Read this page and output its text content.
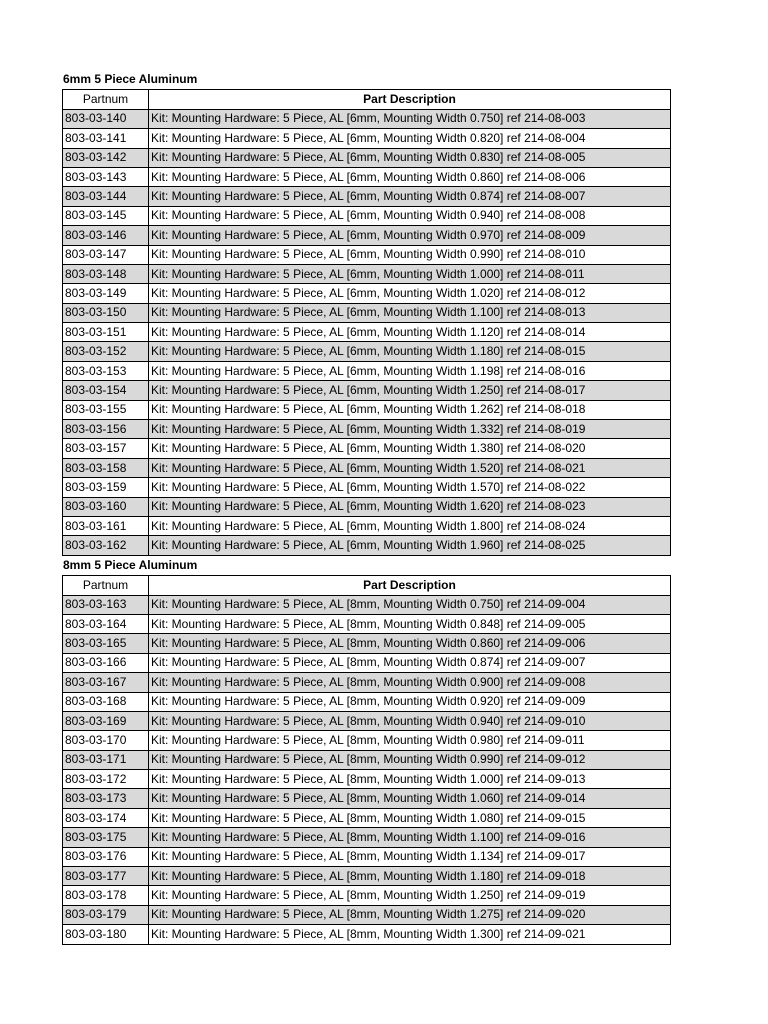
6mm 5 Piece Aluminum
Partnum	Part Description
803-03-140	Kit: Mounting Hardware: 5 Piece, AL [6mm, Mounting Width 0.750] ref 214-08-003
803-03-141	Kit: Mounting Hardware: 5 Piece, AL [6mm, Mounting Width 0.820] ref 214-08-004
803-03-142	Kit: Mounting Hardware: 5 Piece, AL [6mm, Mounting Width 0.830] ref 214-08-005
803-03-143	Kit: Mounting Hardware: 5 Piece, AL [6mm, Mounting Width 0.860] ref 214-08-006
803-03-144	Kit: Mounting Hardware: 5 Piece, AL [6mm, Mounting Width 0.874] ref 214-08-007
803-03-145	Kit: Mounting Hardware: 5 Piece, AL [6mm, Mounting Width 0.940] ref 214-08-008
803-03-146	Kit: Mounting Hardware: 5 Piece, AL [6mm, Mounting Width 0.970] ref 214-08-009
803-03-147	Kit: Mounting Hardware: 5 Piece, AL [6mm, Mounting Width 0.990] ref 214-08-010
803-03-148	Kit: Mounting Hardware: 5 Piece, AL [6mm, Mounting Width 1.000] ref 214-08-011
803-03-149	Kit: Mounting Hardware: 5 Piece, AL [6mm, Mounting Width 1.020] ref 214-08-012
803-03-150	Kit: Mounting Hardware: 5 Piece, AL [6mm, Mounting Width 1.100] ref 214-08-013
803-03-151	Kit: Mounting Hardware: 5 Piece, AL [6mm, Mounting Width 1.120] ref 214-08-014
803-03-152	Kit: Mounting Hardware: 5 Piece, AL [6mm, Mounting Width 1.180] ref 214-08-015
803-03-153	Kit: Mounting Hardware: 5 Piece, AL [6mm, Mounting Width 1.198] ref 214-08-016
803-03-154	Kit: Mounting Hardware: 5 Piece, AL [6mm, Mounting Width 1.250] ref 214-08-017
803-03-155	Kit: Mounting Hardware: 5 Piece, AL [6mm, Mounting Width 1.262] ref 214-08-018
803-03-156	Kit: Mounting Hardware: 5 Piece, AL [6mm, Mounting Width 1.332] ref 214-08-019
803-03-157	Kit: Mounting Hardware: 5 Piece, AL [6mm, Mounting Width 1.380] ref 214-08-020
803-03-158	Kit: Mounting Hardware: 5 Piece, AL [6mm, Mounting Width 1.520] ref 214-08-021
803-03-159	Kit: Mounting Hardware: 5 Piece, AL [6mm, Mounting Width 1.570] ref 214-08-022
803-03-160	Kit: Mounting Hardware: 5 Piece, AL [6mm, Mounting Width 1.620] ref 214-08-023
803-03-161	Kit: Mounting Hardware: 5 Piece, AL [6mm, Mounting Width 1.800] ref 214-08-024
803-03-162	Kit: Mounting Hardware: 5 Piece, AL [6mm, Mounting Width 1.960] ref 214-08-025
8mm 5 Piece Aluminum
Partnum	Part Description
803-03-163	Kit: Mounting Hardware: 5 Piece, AL [8mm, Mounting Width 0.750] ref 214-09-004
803-03-164	Kit: Mounting Hardware: 5 Piece, AL [8mm, Mounting Width 0.848] ref 214-09-005
803-03-165	Kit: Mounting Hardware: 5 Piece, AL [8mm, Mounting Width 0.860] ref 214-09-006
803-03-166	Kit: Mounting Hardware: 5 Piece, AL [8mm, Mounting Width 0.874] ref 214-09-007
803-03-167	Kit: Mounting Hardware: 5 Piece, AL [8mm, Mounting Width 0.900] ref 214-09-008
803-03-168	Kit: Mounting Hardware: 5 Piece, AL [8mm, Mounting Width 0.920] ref 214-09-009
803-03-169	Kit: Mounting Hardware: 5 Piece, AL [8mm, Mounting Width 0.940] ref 214-09-010
803-03-170	Kit: Mounting Hardware: 5 Piece, AL [8mm, Mounting Width 0.980] ref 214-09-011
803-03-171	Kit: Mounting Hardware: 5 Piece, AL [8mm, Mounting Width 0.990] ref 214-09-012
803-03-172	Kit: Mounting Hardware: 5 Piece, AL [8mm, Mounting Width 1.000] ref 214-09-013
803-03-173	Kit: Mounting Hardware: 5 Piece, AL [8mm, Mounting Width 1.060] ref 214-09-014
803-03-174	Kit: Mounting Hardware: 5 Piece, AL [8mm, Mounting Width 1.080] ref 214-09-015
803-03-175	Kit: Mounting Hardware: 5 Piece, AL [8mm, Mounting Width 1.100] ref 214-09-016
803-03-176	Kit: Mounting Hardware: 5 Piece, AL [8mm, Mounting Width 1.134] ref 214-09-017
803-03-177	Kit: Mounting Hardware: 5 Piece, AL [8mm, Mounting Width 1.180] ref 214-09-018
803-03-178	Kit: Mounting Hardware: 5 Piece, AL [8mm, Mounting Width 1.250] ref 214-09-019
803-03-179	Kit: Mounting Hardware: 5 Piece, AL [8mm, Mounting Width 1.275] ref 214-09-020
803-03-180	Kit: Mounting Hardware: 5 Piece, AL [8mm, Mounting Width 1.300] ref 214-09-021
